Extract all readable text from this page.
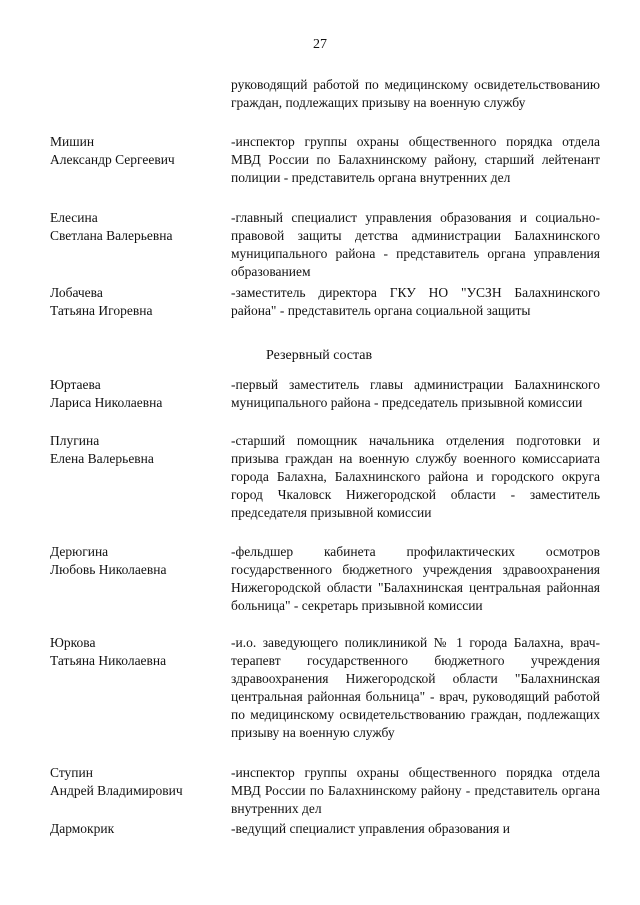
27
руководящий работой по медицинскому освидетельствованию граждан, подлежащих призыву на военную службу
Мишин
Александр Сергеевич
-инспектор группы охраны общественного порядка отдела МВД России по Балахнинскому району, старший лейтенант полиции - представитель органа внутренних дел
Елесина
Светлана Валерьевна
-главный специалист управления образования и социально-правовой защиты детства администрации Балахнинского муниципального района - представитель органа управления образованием
Лобачева
Татьяна Игоревна
-заместитель директора ГКУ НО "УСЗН Балахнинского района" - представитель органа социальной защиты
Резервный состав
Юртаева
Лариса Николаевна
-первый заместитель главы администрации Балахнинского муниципального района - председатель призывной комиссии
Плугина
Елена Валерьевна
-старший помощник начальника отделения подготовки и призыва граждан на военную службу военного комиссариата города Балахна, Балахнинского района и городского округа город Чкаловск Нижегородской области - заместитель председателя призывной комиссии
Дерюгина
Любовь Николаевна
-фельдшер кабинета профилактических осмотров государственного бюджетного учреждения здравоохранения Нижегородской области "Балахнинская центральная районная больница" - секретарь призывной комиссии
Юркова
Татьяна Николаевна
-и.о. заведующего поликлиникой № 1 города Балахна, врач-терапевт государственного бюджетного учреждения здравоохранения Нижегородской области "Балахнинская центральная районная больница" - врач, руководящий работой по медицинскому освидетельствованию граждан, подлежащих призыву на военную службу
Ступин
Андрей Владимирович
-инспектор группы охраны общественного порядка отдела МВД России по Балахнинскому району - представитель органа внутренних дел
Дармокрик	-ведущий специалист управления образования и
